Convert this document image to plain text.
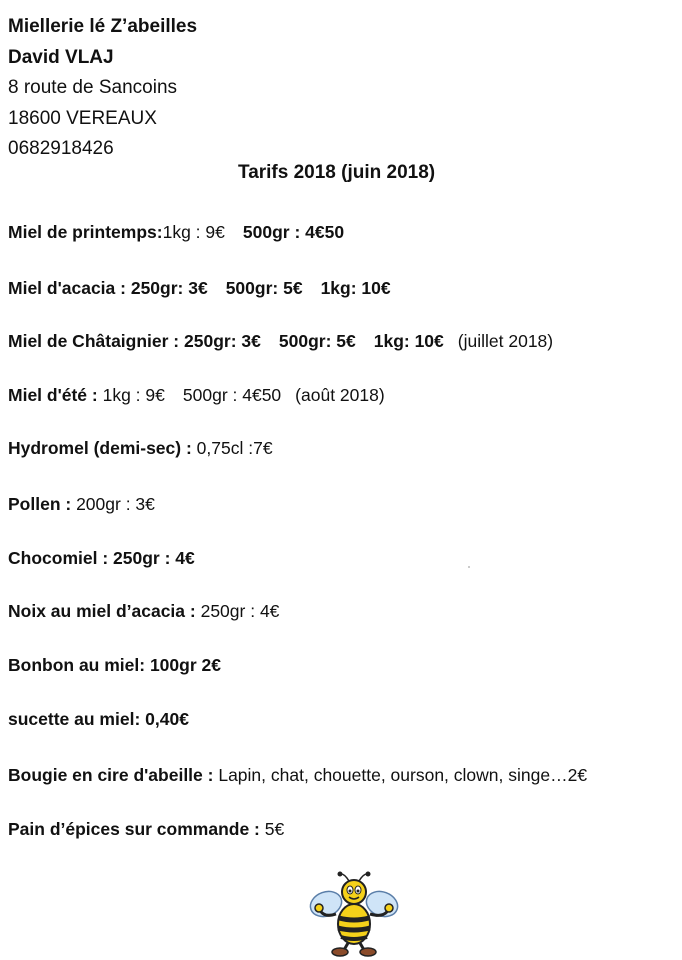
Miellerie lé Z’abeilles
David VLAJ
8 route de Sancoins
18600 VEREAUX
0682918426
Tarifs 2018 (juin 2018)
Miel de printemps:1kg : 9€ 500gr : 4€50
Miel d'acacia : 250gr: 3€ 500gr: 5€ 1kg: 10€
Miel de Châtaignier : 250gr: 3€ 500gr: 5€ 1kg: 10€ (juillet 2018)
Miel d'été : 1kg : 9€ 500gr : 4€50 (août 2018)
Hydromel (demi-sec) : 0,75cl :7€
Pollen : 200gr : 3€
Chocomiel : 250gr : 4€
Noix au miel d’acacia : 250gr : 4€
Bonbon au miel: 100gr 2€
sucette au miel: 0,40€
Bougie en cire d'abeille : Lapin, chat, chouette, ourson, clown, singe…2€
Pain d’épices sur commande : 5€
